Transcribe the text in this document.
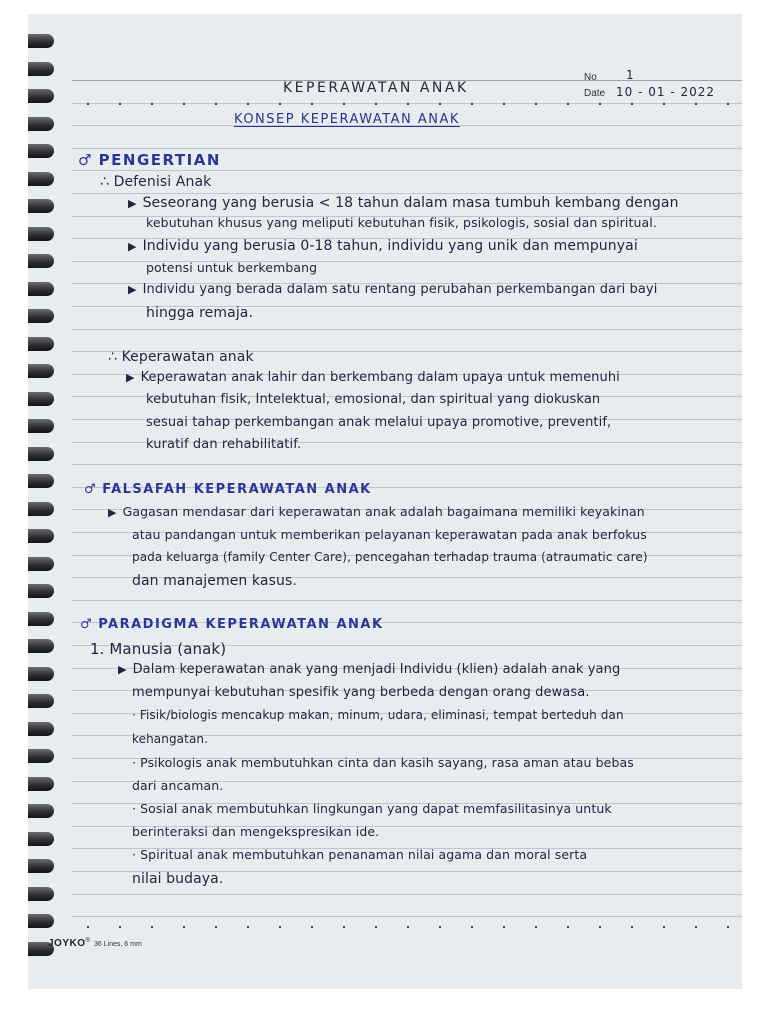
KEPERAWATAN ANAK
No 1
Date 10 - 01 - 2022
KONSEP KEPERAWATAN ANAK
♂ PENGERTIAN
∴ Defenisi Anak
▶ Seseorang yang berusia < 18 tahun dalam masa tumbuh kembang dengan
kebutuhan khusus yang meliputi kebutuhan fisik, psikologis, sosial dan spiritual.
▶ Individu yang berusia 0-18 tahun, individu yang unik dan mempunyai
potensi untuk berkembang
▶ Individu yang berada dalam satu rentang perubahan perkembangan dari bayi
hingga remaja.
∴ Keperawatan anak
▶ Keperawatan anak lahir dan berkembang dalam upaya untuk memenuhi
kebutuhan fisik, Intelektual, emosional, dan spiritual yang diokuskan
sesuai tahap perkembangan anak melalui upaya promotive, preventif,
kuratif dan rehabilitatif.
♂ FALSAFAH KEPERAWATAN ANAK
▶ Gagasan mendasar dari keperawatan anak adalah bagaimana memiliki keyakinan
atau pandangan untuk memberikan pelayanan keperawatan pada anak berfokus
pada keluarga (family Center Care), pencegahan terhadap trauma (atraumatic care)
dan manajemen kasus.
♂ PARADIGMA KEPERAWATAN ANAK
1. Manusia (anak)
▶ Dalam keperawatan anak yang menjadi Individu (klien) adalah anak yang
mempunyai kebutuhan spesifik yang berbeda dengan orang dewasa.
· Fisik/biologis mencakup makan, minum, udara, eliminasi, tempat berteduh dan
kehangatan.
· Psikologis anak membutuhkan cinta dan kasih sayang, rasa aman atau bebas
dari ancaman.
· Sosial anak membutuhkan lingkungan yang dapat memfasilitasinya untuk
berinteraksi dan mengekspresikan ide.
· Spiritual anak membutuhkan penanaman nilai agama dan moral serta
nilai budaya.
JOYKO® 36 Lines, 6 mm
